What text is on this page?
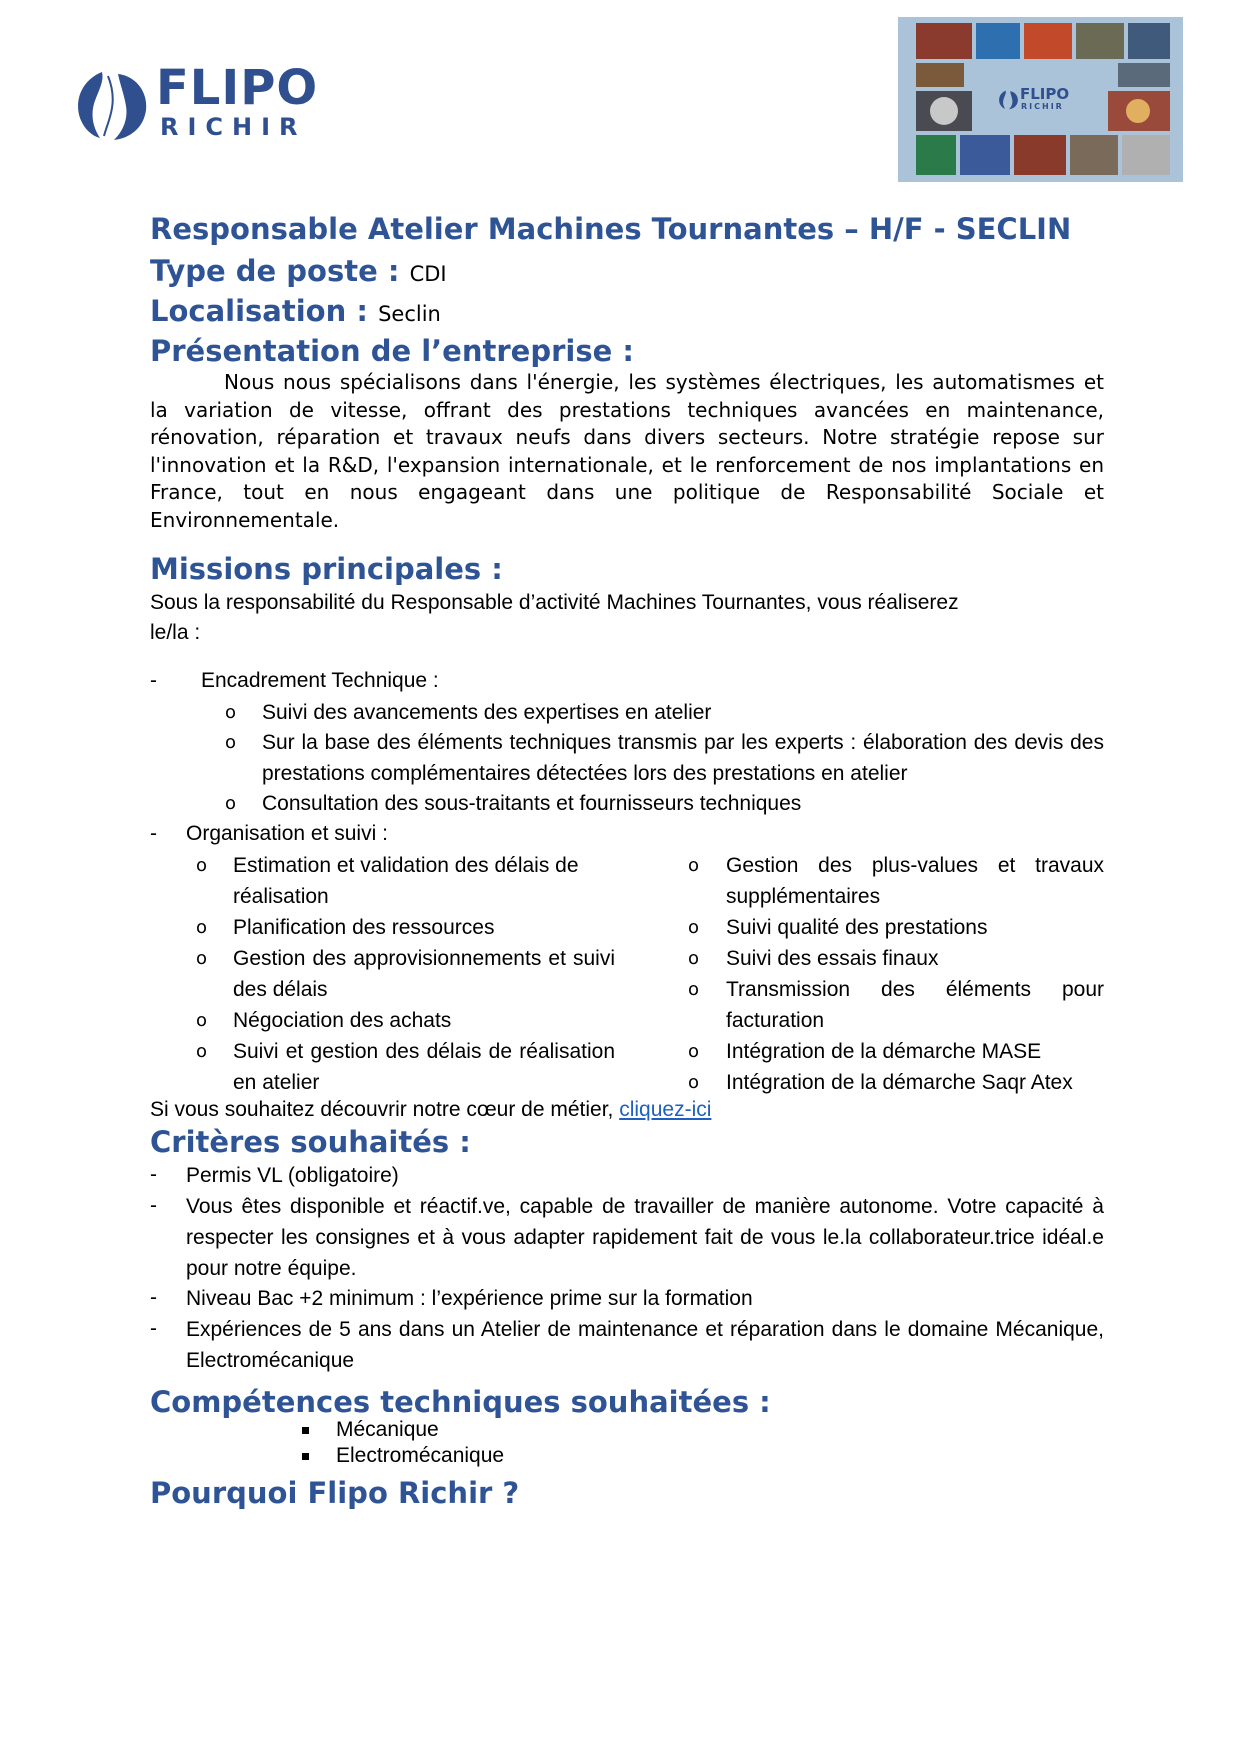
FLIPO
RICHIR
FLIPO
RICHIR
Responsable Atelier Machines Tournantes – H/F - SECLIN
Type de poste : CDI
Localisation : Seclin
Présentation de l’entreprise :
Nous nous spécialisons dans l'énergie, les systèmes électriques, les automatismes et la variation de vitesse, offrant des prestations techniques avancées en maintenance, rénovation, réparation et travaux neufs dans divers secteurs. Notre stratégie repose sur l'innovation et la R&D, l'expansion internationale, et le renforcement de nos implantations en France, tout en nous engageant dans une politique de Responsabilité Sociale et Environnementale.
Missions principales :
Sous la responsabilité du Responsable d’activité Machines Tournantes, vous réaliserez
le/la :
- Encadrement Technique :
o Suivi des avancements des expertises en atelier
o Sur la base des éléments techniques transmis par les experts : élaboration des devis des prestations complémentaires détectées lors des prestations en atelier
o Consultation des sous-traitants et fournisseurs techniques
- Organisation et suivi :
o Estimation et validation des délais de réalisation
o Planification des ressources
o Gestion des approvisionnements et suivi des délais
o Négociation des achats
o Suivi et gestion des délais de réalisation en atelier
o Gestion des plus-values et travaux supplémentaires
o Suivi qualité des prestations
o Suivi des essais finaux
o Transmission des éléments pour facturation
o Intégration de la démarche MASE
o Intégration de la démarche Saqr Atex
Si vous souhaitez découvrir notre cœur de métier, cliquez-ici
Critères souhaités :
- Permis VL (obligatoire)
- Vous êtes disponible et réactif.ve, capable de travailler de manière autonome. Votre capacité à respecter les consignes et à vous adapter rapidement fait de vous le.la collaborateur.trice idéal.e pour notre équipe.
- Niveau Bac +2 minimum : l’expérience prime sur la formation
- Expériences de 5 ans dans un Atelier de maintenance et réparation dans le domaine Mécanique, Electromécanique
Compétences techniques souhaitées :
Mécanique
Electromécanique
Pourquoi Flipo Richir ?
